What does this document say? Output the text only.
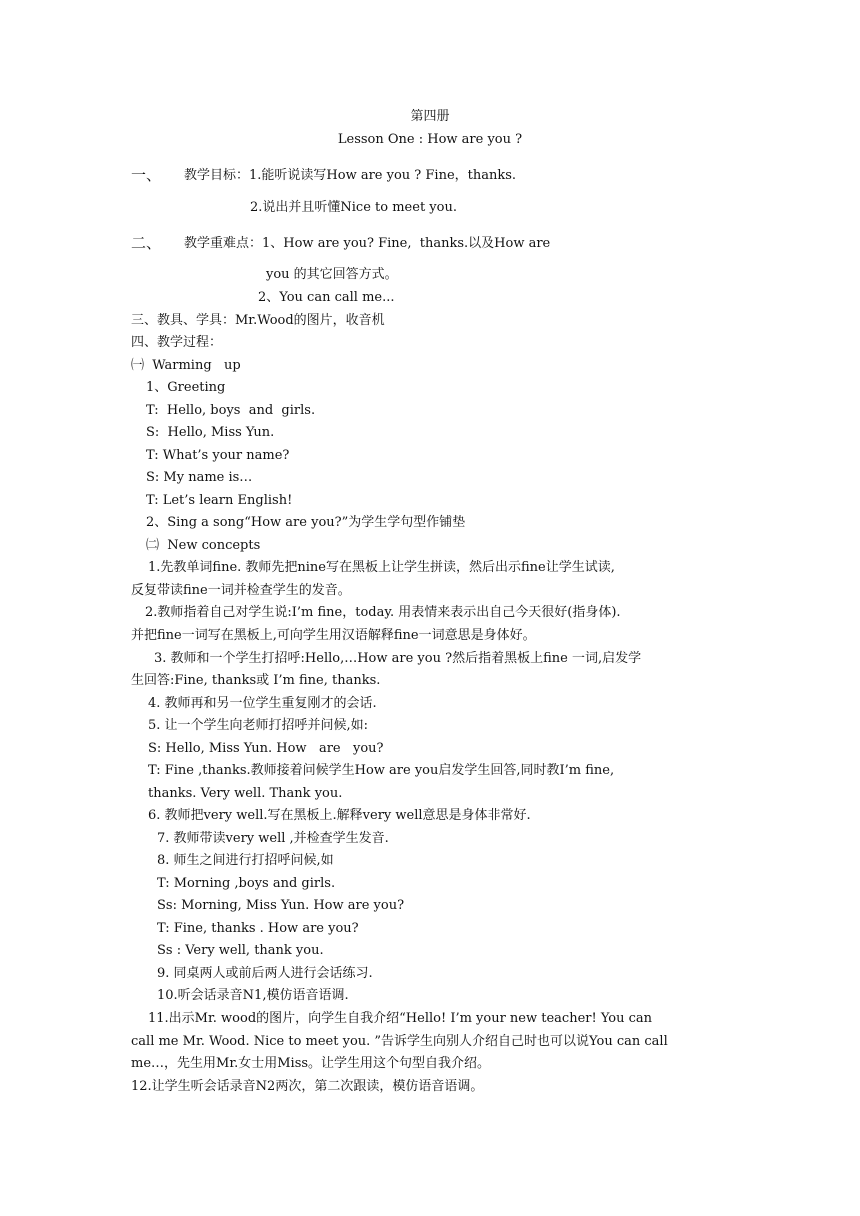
第四册
Lesson One : How are you ?
一、 教学目标：1.能听说读写How are you ? Fine，thanks.
2.说出并且听懂Nice to meet you.
二、 教学重难点：1、How are you? Fine,  thanks.以及How are
you 的其它回答方式。
2、You can call me...
三、教具、学具：Mr.Wood的图片，收音机
四、教学过程：
㈠  Warming   up
1、Greeting
T:  Hello, boys  and  girls.
S:  Hello, Miss Yun.
T: What’s your name?
S: My name is…
T: Let’s learn English!
2、Sing a song“How are you?”为学生学句型作铺垫
㈡  New concepts
1.先教单词fine. 教师先把nine写在黑板上让学生拼读，然后出示fine让学生试读,
反复带读fine一词并检查学生的发音。
2.教师指着自己对学生说:I’m fine，today. 用表情来表示出自己今天很好(指身体).
并把fine一词写在黑板上,可向学生用汉语解释fine一词意思是身体好。
3. 教师和一个学生打招呼:Hello,…How are you ?然后指着黑板上fine 一词,启发学
生回答:Fine, thanks或 I’m fine, thanks.
4. 教师再和另一位学生重复刚才的会话.
5. 让一个学生向老师打招呼并问候,如:
S: Hello, Miss Yun. How   are   you?
T: Fine ,thanks.教师接着问候学生How are you启发学生回答,同时教I’m fine,
thanks. Very well. Thank you.
6. 教师把very well.写在黑板上.解释very well意思是身体非常好.
7. 教师带读very well ,并检查学生发音.
8. 师生之间进行打招呼问候,如
T: Morning ,boys and girls.
Ss: Morning, Miss Yun. How are you?
T: Fine, thanks . How are you?
Ss : Very well, thank you.
9. 同桌两人或前后两人进行会话练习.
10.听会话录音N1,模仿语音语调.
11.出示Mr. wood的图片，向学生自我介绍“Hello! I’m your new teacher! You can
call me Mr. Wood. Nice to meet you. ”告诉学生向别人介绍自己时也可以说You can call
me…，先生用Mr.女士用Miss。让学生用这个句型自我介绍。
12.让学生听会话录音N2两次，第二次跟读，模仿语音语调。
